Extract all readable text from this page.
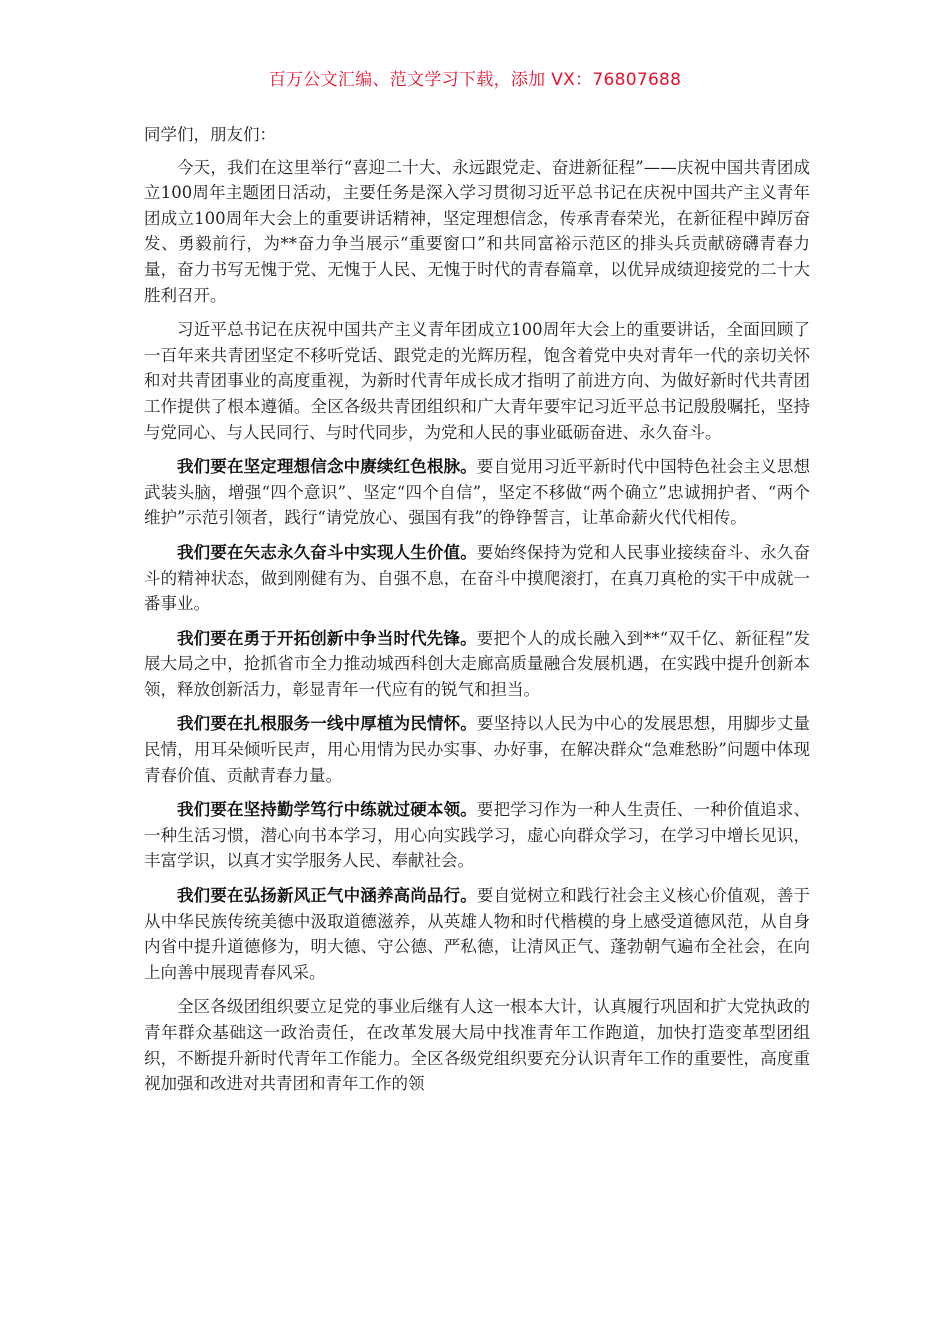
百万公文汇编、范文学习下载，添加 VX：76807688

同学们，朋友们：

今天，我们在这里举行“喜迎二十大、永远跟党走、奋进新征程”——庆祝中国共青团成立100周年主题团日活动，主要任务是深入学习贯彻习近平总书记在庆祝中国共产主义青年团成立100周年大会上的重要讲话精神，坚定理想信念，传承青春荣光，在新征程中踔厉奋发、勇毅前行，为**奋力争当展示“重要窗口”和共同富裕示范区的排头兵贡献磅礴青春力量，奋力书写无愧于党、无愧于人民、无愧于时代的青春篇章，以优异成绩迎接党的二十大胜利召开。

习近平总书记在庆祝中国共产主义青年团成立100周年大会上的重要讲话，全面回顾了一百年来共青团坚定不移听党话、跟党走的光辉历程，饱含着党中央对青年一代的亲切关怀和对共青团事业的高度重视，为新时代青年成长成才指明了前进方向、为做好新时代共青团工作提供了根本遵循。全区各级共青团组织和广大青年要牢记习近平总书记殷殷嘱托，坚持与党同心、与人民同行、与时代同步，为党和人民的事业砥砺奋进、永久奋斗。

我们要在坚定理想信念中赓续红色根脉。要自觉用习近平新时代中国特色社会主义思想武装头脑，增强“四个意识”、坚定“四个自信”，坚定不移做“两个确立”忠诚拥护者、“两个维护”示范引领者，践行“请党放心、强国有我”的铮铮誓言，让革命薪火代代相传。

我们要在矢志永久奋斗中实现人生价值。要始终保持为党和人民事业接续奋斗、永久奋斗的精神状态，做到刚健有为、自强不息，在奋斗中摸爬滚打，在真刀真枪的实干中成就一番事业。

我们要在勇于开拓创新中争当时代先锋。要把个人的成长融入到**“双千亿、新征程”发展大局之中，抢抓省市全力推动城西科创大走廊高质量融合发展机遇，在实践中提升创新本领，释放创新活力，彰显青年一代应有的锐气和担当。

我们要在扎根服务一线中厚植为民情怀。要坚持以人民为中心的发展思想，用脚步丈量民情，用耳朵倾听民声，用心用情为民办实事、办好事，在解决群众“急难愁盼”问题中体现青春价值、贡献青春力量。

我们要在坚持勤学笃行中练就过硬本领。要把学习作为一种人生责任、一种价值追求、一种生活习惯，潜心向书本学习，用心向实践学习，虚心向群众学习，在学习中增长见识，丰富学识，以真才实学服务人民、奉献社会。

我们要在弘扬新风正气中涵养高尚品行。要自觉树立和践行社会主义核心价值观，善于从中华民族传统美德中汲取道德滋养，从英雄人物和时代楷模的身上感受道德风范，从自身内省中提升道德修为，明大德、守公德、严私德，让清风正气、蓬勃朝气遍布全社会，在向上向善中展现青春风采。

全区各级团组织要立足党的事业后继有人这一根本大计，认真履行巩固和扩大党执政的青年群众基础这一政治责任，在改革发展大局中找准青年工作跑道，加快打造变革型团组织，不断提升新时代青年工作能力。全区各级党组织要充分认识青年工作的重要性，高度重视加强和改进对共青团和青年工作的领
